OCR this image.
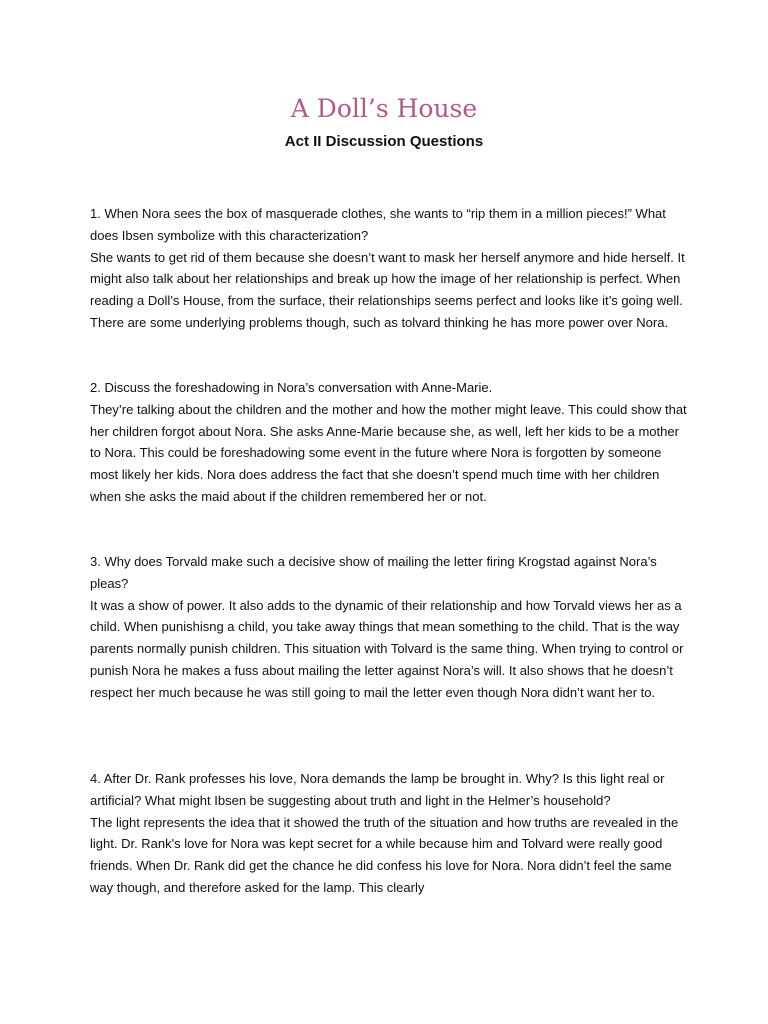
A Doll’s House
Act II Discussion Questions

1. When Nora sees the box of masquerade clothes, she wants to “rip them in a million pieces!” What does Ibsen symbolize with this characterization?

She wants to get rid of them because she doesn’t want to mask her herself anymore and hide herself. It might also talk about her relationships and break up how the image of her relationship is perfect. When reading a Doll’s House, from the surface, their relationships seems perfect and looks like it’s going well. There are some underlying problems though, such as tolvard thinking he has more power over Nora.

2. Discuss the foreshadowing in Nora’s conversation with Anne-Marie.

They’re talking about the children and the mother and how the mother might leave. This could show that her children forgot about Nora. She asks Anne-Marie because she, as well, left her kids to be a mother to Nora. This could be foreshadowing some event in the future where Nora is forgotten by someone most likely her kids. Nora does address the fact that she doesn’t spend much time with her children when she asks the maid about if the children remembered her or not.

3. Why does Torvald make such a decisive show of mailing the letter firing Krogstad against Nora’s pleas?

It was a show of power. It also adds to the dynamic of their relationship and how Torvald views her as a child. When punishisng a child, you take away things that mean something to the child. That is the way parents normally punish children. This situation with Tolvard is the same thing. When trying to control or punish Nora he makes a fuss about mailing the letter against Nora’s will. It also shows that he doesn’t respect her much because he was still going to mail the letter even though Nora didn’t want her to.

4. After Dr. Rank professes his love, Nora demands the lamp be brought in. Why? Is this light real or artificial? What might Ibsen be suggesting about truth and light in the Helmer’s household?

The light represents the idea that it showed the truth of the situation and how truths are revealed in the light. Dr. Rank's love for Nora was kept secret for a while because him and Tolvard were really good friends. When Dr. Rank did get the chance he did confess his love for Nora. Nora didn’t feel the same way though, and therefore asked for the lamp. This clearly
